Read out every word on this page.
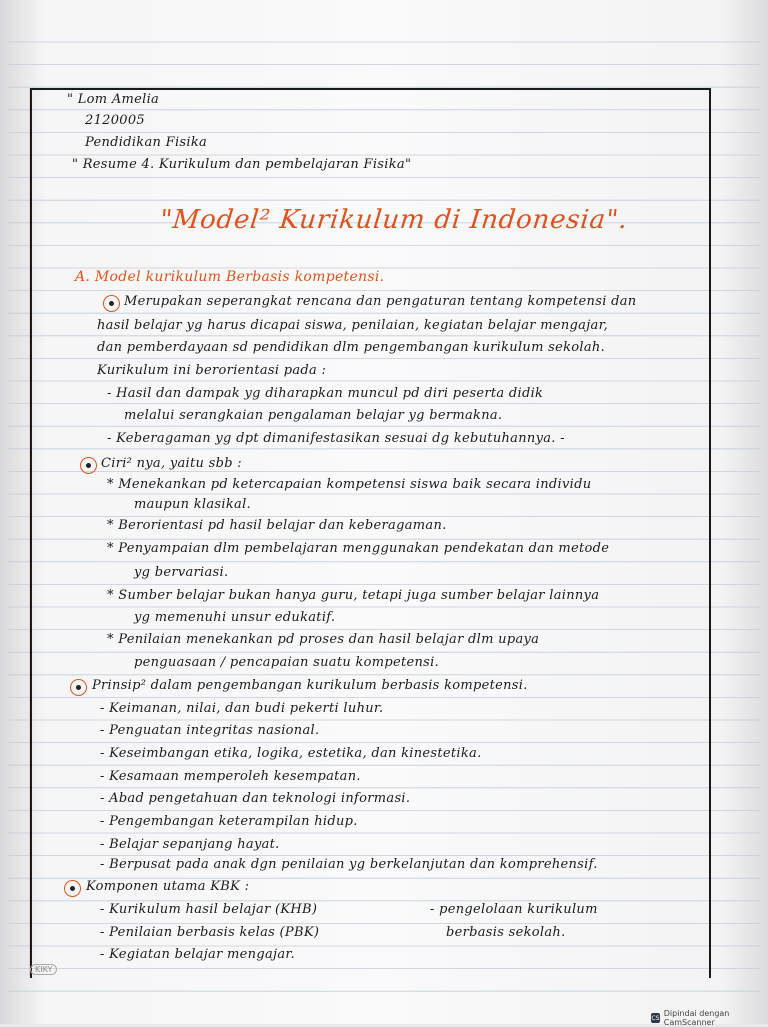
" Lom Amelia
2120005
Pendidikan Fisika
" Resume 4. Kurikulum dan pembelajaran Fisika"
"Model² Kurikulum di Indonesia".
A. Model kurikulum Berbasis kompetensi.
Merupakan seperangkat rencana dan pengaturan tentang kompetensi dan
hasil belajar yg harus dicapai siswa, penilaian, kegiatan belajar mengajar,
dan pemberdayaan sd pendidikan dlm pengembangan kurikulum sekolah.
Kurikulum ini berorientasi pada :
- Hasil dan dampak yg diharapkan muncul pd diri peserta didik
melalui serangkaian pengalaman belajar yg bermakna.
- Keberagaman yg dpt dimanifestasikan sesuai dg kebutuhannya. -
Ciri² nya, yaitu sbb :
* Menekankan pd ketercapaian kompetensi siswa baik secara individu
maupun klasikal.
* Berorientasi pd hasil belajar dan keberagaman.
* Penyampaian dlm pembelajaran menggunakan pendekatan dan metode
yg bervariasi.
* Sumber belajar bukan hanya guru, tetapi juga sumber belajar lainnya
yg memenuhi unsur edukatif.
* Penilaian menekankan pd proses dan hasil belajar dlm upaya
penguasaan / pencapaian suatu kompetensi.
Prinsip² dalam pengembangan kurikulum berbasis kompetensi.
- Keimanan, nilai, dan budi pekerti luhur.
- Penguatan integritas nasional.
- Keseimbangan etika, logika, estetika, dan kinestetika.
- Kesamaan memperoleh kesempatan.
- Abad pengetahuan dan teknologi informasi.
- Pengembangan keterampilan hidup.
- Belajar sepanjang hayat.
- Berpusat pada anak dgn penilaian yg berkelanjutan dan komprehensif.
Komponen utama KBK :
- Kurikulum hasil belajar (KHB)
- Penilaian berbasis kelas (PBK)
- Kegiatan belajar mengajar.
- pengelolaan kurikulum
berbasis sekolah.
KIKY
CS Dipindai dengan CamScanner
